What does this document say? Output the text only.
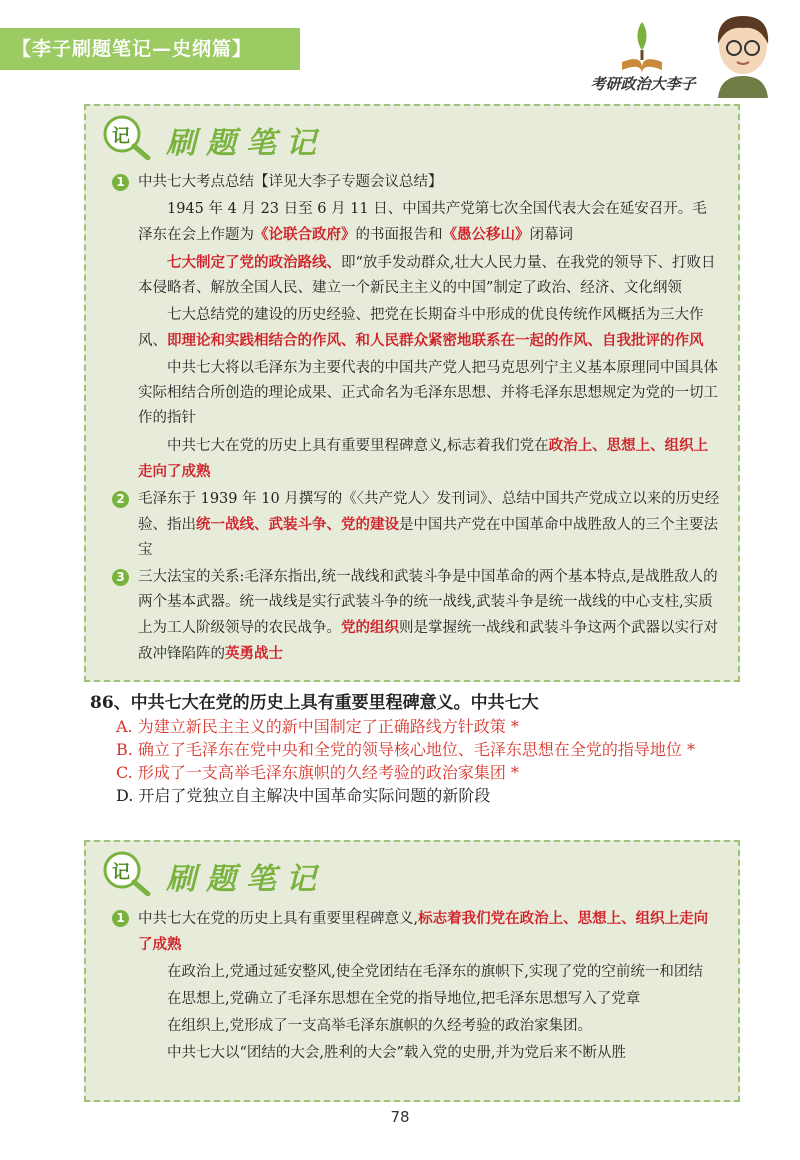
【李子刷题笔记—史纲篇】
考研政治大李子
记 刷题笔记
1 中共七大考点总结【详见大李子专题会议总结】
1945 年 4 月 23 日至 6 月 11 日、中国共产党第七次全国代表大会在延安召开。毛泽东在会上作题为《论联合政府》的书面报告和《愚公移山》闭幕词
七大制定了党的政治路线、即“放手发动群众,壮大人民力量、在我党的领导下、打败日本侵略者、解放全国人民、建立一个新民主主义的中国”制定了政治、经济、文化纲领
七大总结党的建设的历史经验、把党在长期奋斗中形成的优良传统作风概括为三大作风、即理论和实践相结合的作风、和人民群众紧密地联系在一起的作风、自我批评的作风
中共七大将以毛泽东为主要代表的中国共产党人把马克思列宁主义基本原理同中国具体实际相结合所创造的理论成果、正式命名为毛泽东思想、并将毛泽东思想规定为党的一切工作的指针
中共七大在党的历史上具有重要里程碑意义,标志着我们党在政治上、思想上、组织上走向了成熟
2 毛泽东于 1939 年 10 月撰写的《〈共产党人〉发刊词》、总结中国共产党成立以来的历史经验、指出统一战线、武装斗争、党的建设是中国共产党在中国革命中战胜敌人的三个主要法宝
3 三大法宝的关系:毛泽东指出,统一战线和武装斗争是中国革命的两个基本特点,是战胜敌人的两个基本武器。统一战线是实行武装斗争的统一战线,武装斗争是统一战线的中心支柱,实质上为工人阶级领导的农民战争。党的组织则是掌握统一战线和武装斗争这两个武器以实行对敌冲锋陷阵的英勇战士
86、中共七大在党的历史上具有重要里程碑意义。中共七大
A. 为建立新民主主义的新中国制定了正确路线方针政策 *
B. 确立了毛泽东在党中央和全党的领导核心地位、毛泽东思想在全党的指导地位 *
C. 形成了一支高举毛泽东旗帜的久经考验的政治家集团 *
D. 开启了党独立自主解决中国革命实际问题的新阶段
记 刷题笔记
1 中共七大在党的历史上具有重要里程碑意义,标志着我们党在政治上、思想上、组织上走向了成熟
在政治上,党通过延安整风,使全党团结在毛泽东的旗帜下,实现了党的空前统一和团结
在思想上,党确立了毛泽东思想在全党的指导地位,把毛泽东思想写入了党章
在组织上,党形成了一支高举毛泽东旗帜的久经考验的政治家集团。
中共七大以“团结的大会,胜利的大会”载入党的史册,并为党后来不断从胜
78
